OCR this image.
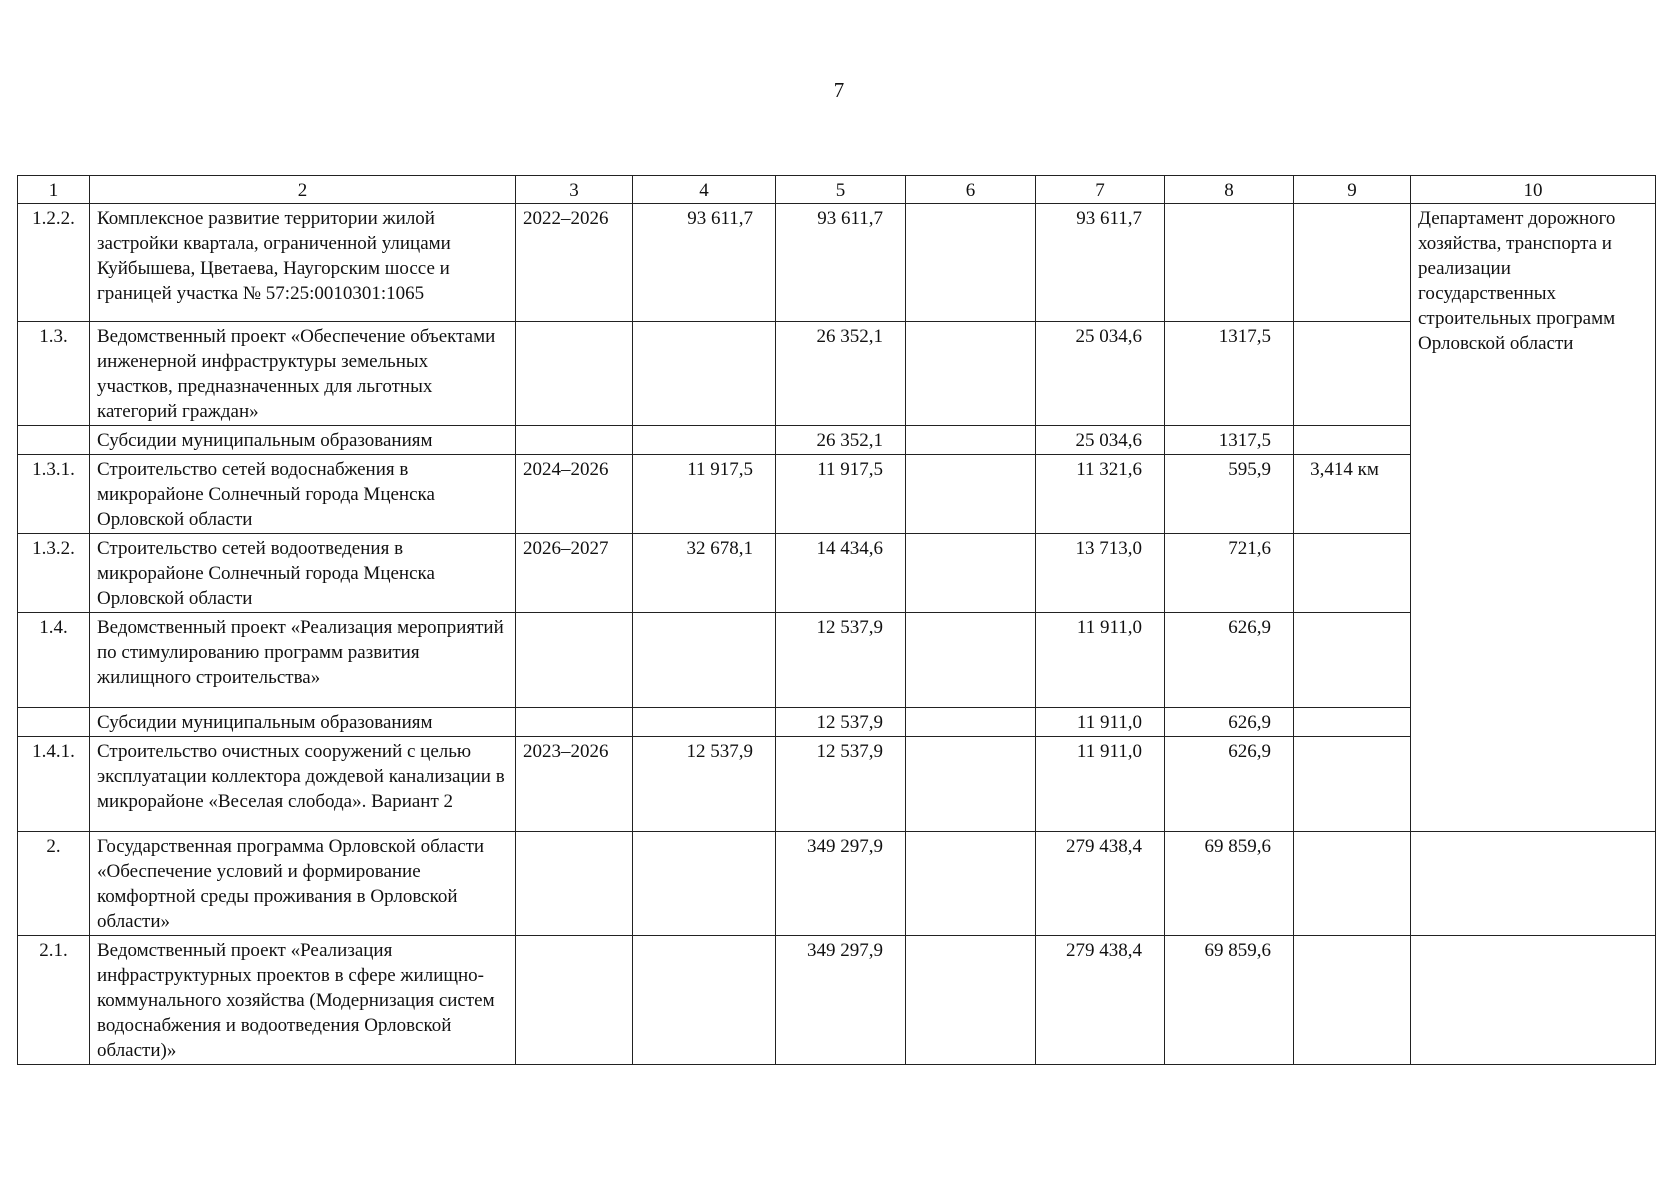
7
1	2	3	4	5	6	7	8	9	10
1.2.2.	Комплексное развитие территории жилой застройки квартала, ограниченной улицами Куйбышева, Цветаева, Наугорским шоссе и границей участка № 57:25:0010301:1065	2022–2026	93 611,7	93 611,7		93 611,7			Департамент дорожного хозяйства, транспорта и реализации государственных строительных программ Орловской области
1.3.	Ведомственный проект «Обеспечение объектами инженерной инфраструктуры земельных участков, предназначенных для льготных категорий граждан»			26 352,1		25 034,6	1317,5		
	Субсидии муниципальным образованиям			26 352,1		25 034,6	1317,5		
1.3.1.	Строительство сетей водоснабжения в микрорайоне Солнечный города Мценска Орловской области	2024–2026	11 917,5	11 917,5		11 321,6	595,9	3,414 км	
1.3.2.	Строительство сетей водоотведения в микрорайоне Солнечный города Мценска Орловской области	2026–2027	32 678,1	14 434,6		13 713,0	721,6		
1.4.	Ведомственный проект «Реализация мероприятий по стимулированию программ развития жилищного строительства»			12 537,9		11 911,0	626,9		
	Субсидии муниципальным образованиям			12 537,9		11 911,0	626,9		
1.4.1.	Строительство очистных сооружений с целью эксплуатации коллектора дождевой канализации в микрорайоне «Веселая слобода». Вариант 2	2023–2026	12 537,9	12 537,9		11 911,0	626,9		
2.	Государственная программа Орловской области «Обеспечение условий и формирование комфортной среды проживания в Орловской области»			349 297,9		279 438,4	69 859,6		
2.1.	Ведомственный проект «Реализация инфраструктурных проектов в сфере жилищно-коммунального хозяйства (Модернизация систем водоснабжения и водоотведения Орловской области)»			349 297,9		279 438,4	69 859,6		
